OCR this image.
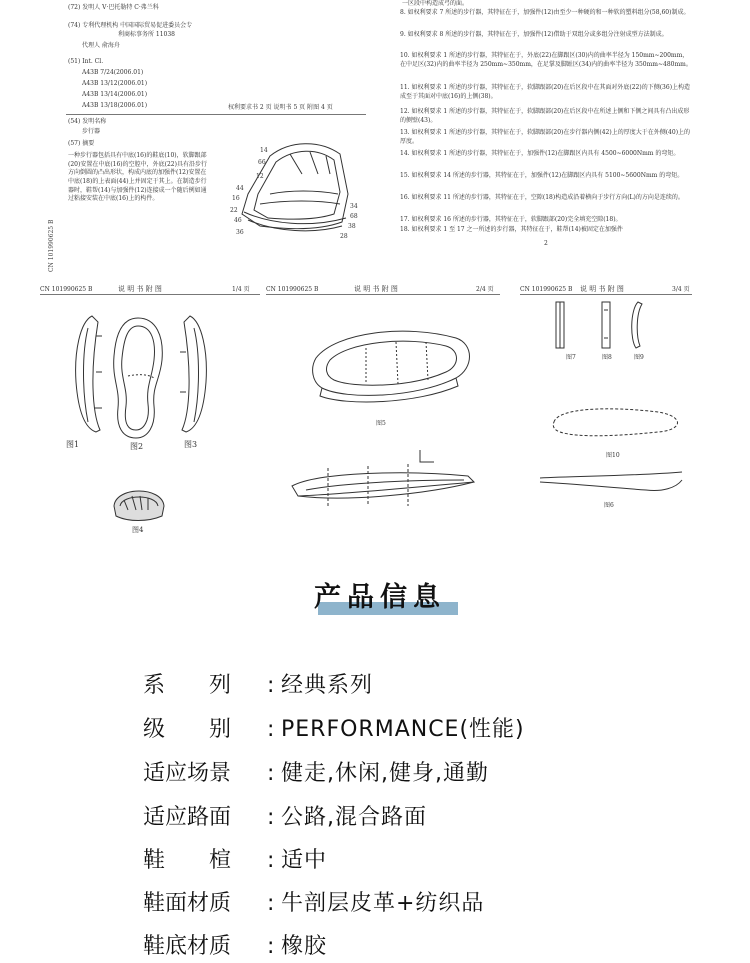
(72) 发明人 V·巴托勒特 C·弗兰科
(74) 专利代理机构 中国国际贸易促进委员会专
利商标事务所 11038
代理人 俞海舟
(51) Int. Cl.
A43B 7/24(2006.01)
A43B 13/12(2006.01)
A43B 13/14(2006.01)
A43B 13/18(2006.01)	权利要求书 2 页 说明书 5 页 附图 4 页
(54) 发明名称
步行器
(57) 摘要
一种步行器包括具有中底(16)的鞋底(10)，软脚跟部(20)安置在中底(16)的空腔中，外底(22)具有沿步行方向倒圆的凸出形状，构成内底的加强件(12)安置在中底(18)的上表面(44)上并固定于其上。在制造步行器时，鞋帮(14)与加强件(12)连接成一个随后例如通过粘接安装在中底(16)上的构件。
CN 101990625 B
14
66
12
44
16
22
46
36
34
68
38
28
一区段中构造成弓的面。
8. 如权利要求 7 所述的步行器，其特征在于，加强件(12)由至少一种硬的和一种软的塑料组分(58,60)制成。
9. 如权利要求 8 所述的步行器，其特征在于，加强件(12)借助于双组分或多组分注射成型方法制成。
10. 如权利要求 1 所述的步行器，其特征在于，外底(22)在脚跟区(30)内的曲率半径为 150mm~200mm，在中足区(32)内的曲率半径为 250mm~350mm，在足掌及脚趾区(34)内的曲率半径为 350mm~480mm。
11. 如权利要求 1 所述的步行器，其特征在于，软脚跟部(20)在后区段中在其面对外底(22)的下侧(36)上构造成至于其面对中底(16)的上侧(38)。
12. 如权利要求 1 所述的步行器，其特征在于，软脚跟部(20)在后区段中在所述上侧和下侧之间具有凸出成形的侧壁(43)。
13. 如权利要求 1 所述的步行器，其特征在于，软脚跟部(20)在步行器内侧(42)上的厚度大于在外侧(40)上的厚度。
14. 如权利要求 1 所述的步行器，其特征在于，加强件(12)在脚跟区内具有 4500~6000Nmm 的弯矩。
15. 如权利要求 14 所述的步行器，其特征在于，加强件(12)在脚跟区内具有 5100~5600Nmm 的弯矩。
16. 如权利要求 11 所述的步行器，其特征在于，空隙(18)构造成沿着横向于步行方向(L)的方向是连续的。
17. 如权利要求 16 所述的步行器，其特征在于，软脚跟部(20)完全填充空隙(18)。
18. 如权利要求 1 至 17 之一所述的步行器，其特征在于，鞋帮(14)被固定在加强件
2
CN 101990625 B	说 明 书 附 图	1/4 页	CN 101990625 B	说 明 书 附 图	2/4 页	CN 101990625 B 说 明 书 附 图	3/4 页
图1	图2	图3
图4
图5
图7	图8	图9
图10
图6
产品信息
系　　列 : 经典系列
级　　别 : PERFORMANCE(性能)
适应场景 : 健走,休闲,健身,通勤
适应路面 : 公路,混合路面
鞋　　楦 : 适中
鞋面材质 : 牛剖层皮革+纺织品
鞋底材质 : 橡胶
